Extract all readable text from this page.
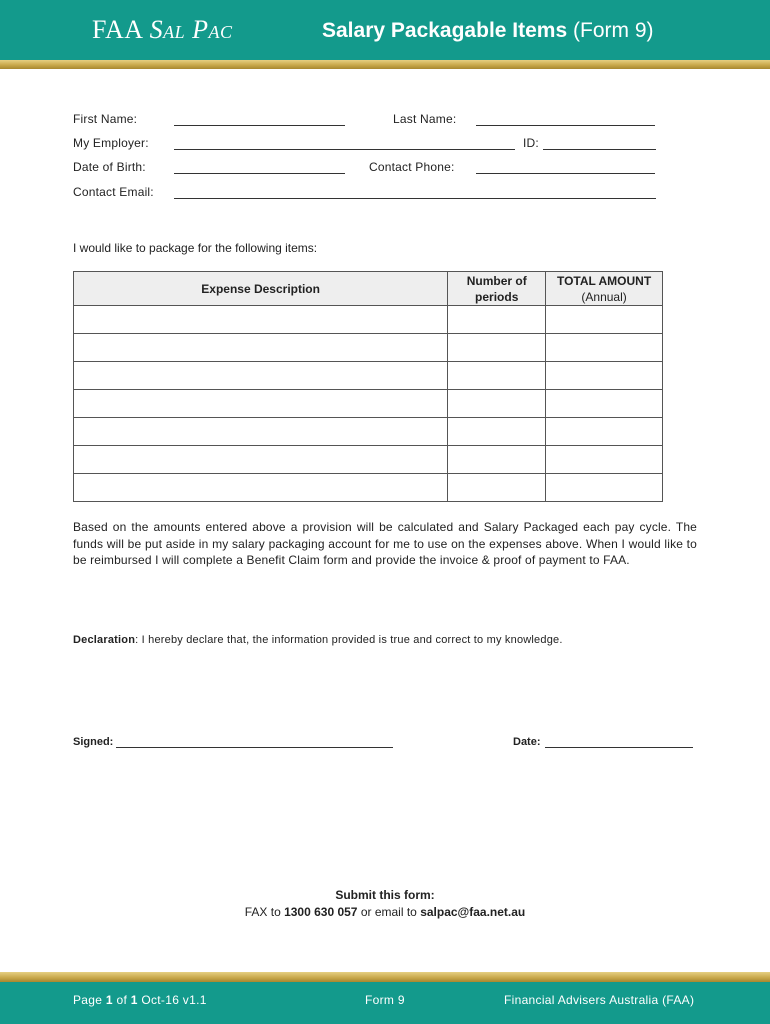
FAA Sal Pac	Salary Packagable Items (Form 9)
First Name:	Last Name:
My Employer:	ID:
Date of Birth:	Contact Phone:
Contact Email:
I would like to package for the following items:
Expense Description	Number of periods	TOTAL AMOUNT
(Annual)

Based on the amounts entered above a provision will be calculated and Salary Packaged each pay cycle. The funds will be put aside in my salary packaging account for me to use on the expenses above. When I would like to be reimbursed I will complete a Benefit Claim form and provide the invoice & proof of payment to FAA.
Declaration: I hereby declare that, the information provided is true and correct to my knowledge.
Signed:	Date:
Submit this form:
FAX to 1300 630 057 or email to salpac@faa.net.au
Page 1 of 1 Oct-16 v1.1	Form 9	Financial Advisers Australia (FAA)
